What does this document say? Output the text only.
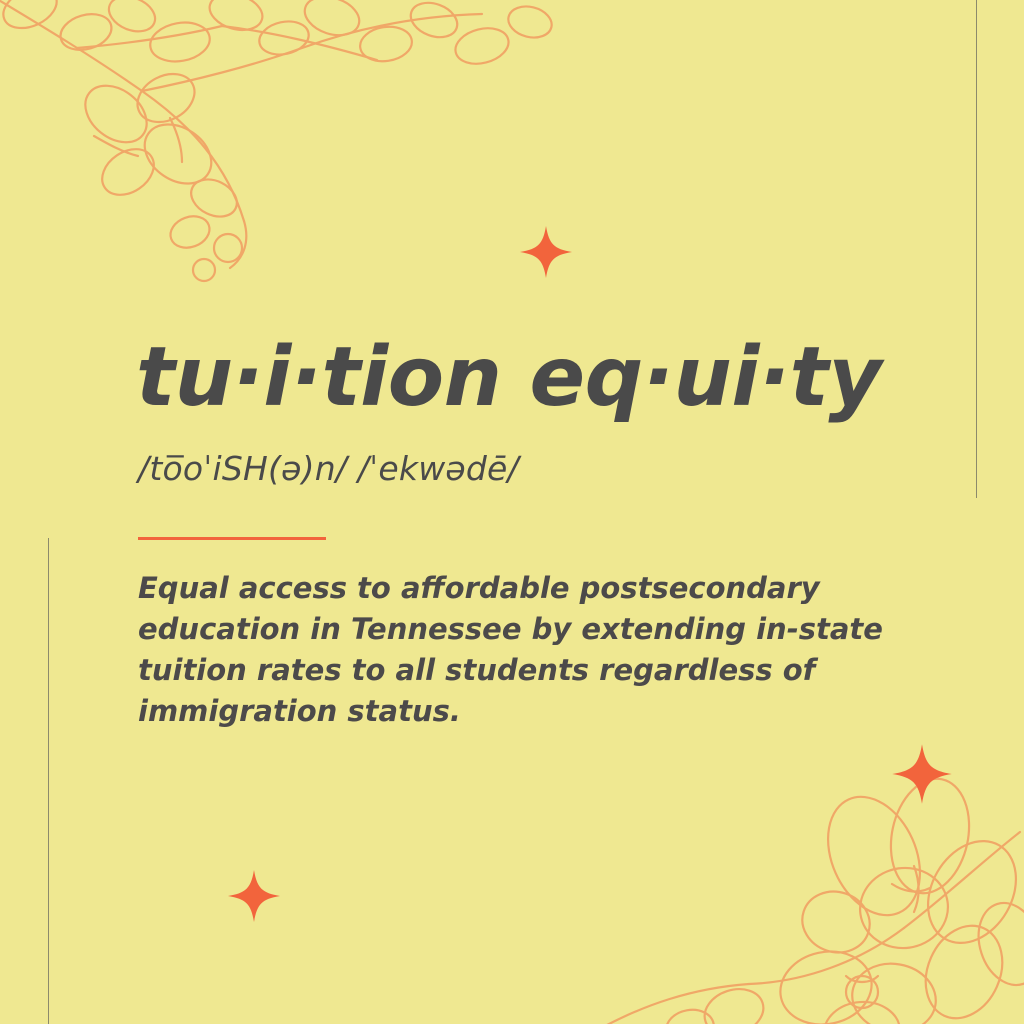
tu·i·tion eq·ui·ty
/to̅oˈiSH(ə)n/ /ˈekwədē/

Equal access to affordable postsecondary education in Tennessee by extending in-state tuition rates to all students regardless of immigration status.
